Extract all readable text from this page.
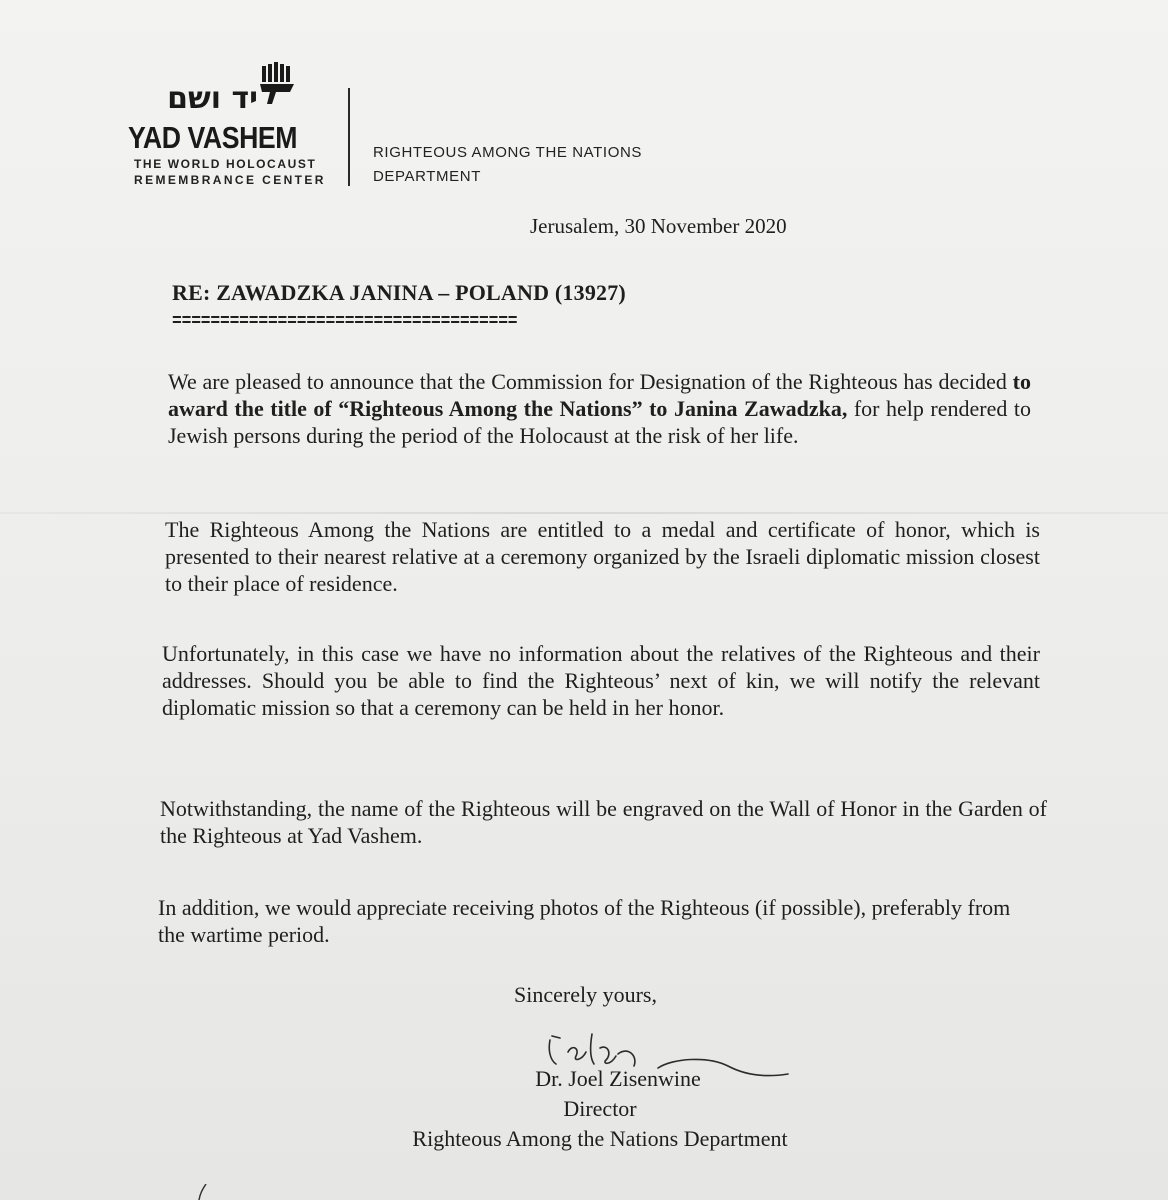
יד ושם
YAD VASHEM
THE WORLD HOLOCAUST
REMEMBRANCE CENTER
RIGHTEOUS AMONG THE NATIONS
DEPARTMENT
Jerusalem, 30 November 2020
RE: ZAWADZKA JANINA – POLAND (13927)
====================================
We are pleased to announce that the Commission for Designation of the Righteous has decided to award the title of “Righteous Among the Nations” to Janina Zawadzka, for help rendered to Jewish persons during the period of the Holocaust at the risk of her life.
The Righteous Among the Nations are entitled to a medal and certificate of honor, which is presented to their nearest relative at a ceremony organized by the Israeli diplomatic mission closest to their place of residence.
Unfortunately, in this case we have no information about the relatives of the Righteous and their addresses. Should you be able to find the Righteous’ next of kin, we will notify the relevant diplomatic mission so that a ceremony can be held in her honor.
Notwithstanding, the name of the Righteous will be engraved on the Wall of Honor in the Garden of the Righteous at Yad Vashem.
In addition, we would appreciate receiving photos of the Righteous (if possible), preferably from the wartime period.
Sincerely yours,
Dr. Joel Zisenwine
Director
Righteous Among the Nations Department
